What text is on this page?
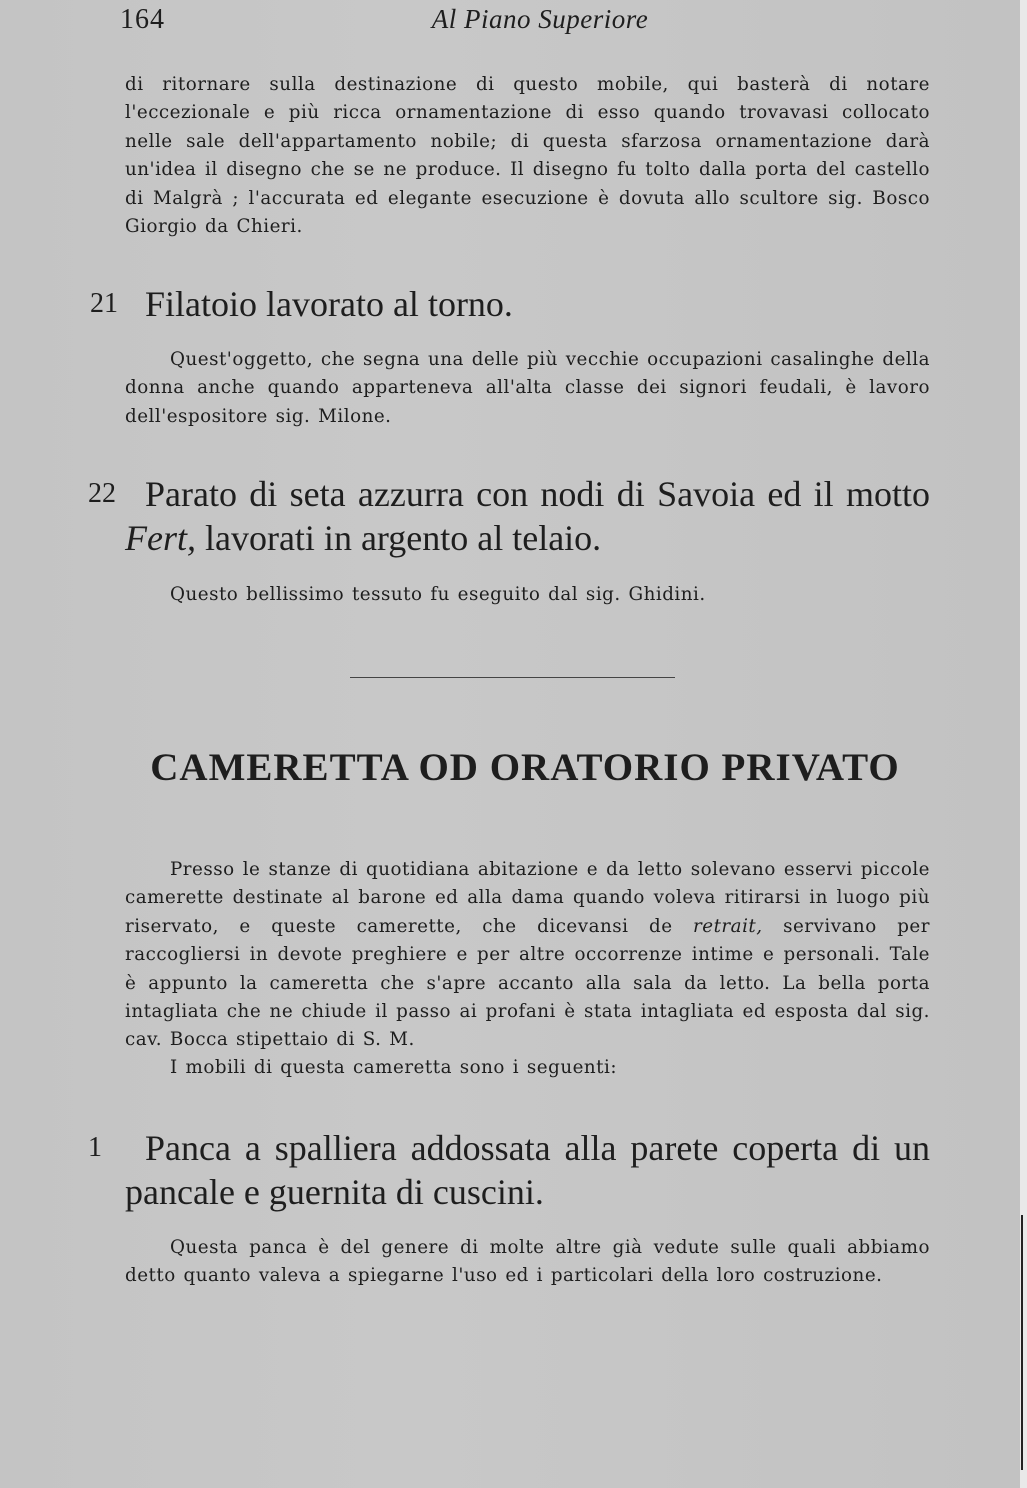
164	Al Piano Superiore

di ritornare sulla destinazione di questo mobile, qui basterà di notare l'eccezionale e più ricca ornamentazione di esso quando trovavasi collocato nelle sale dell'appartamento nobile; di questa sfarzosa ornamentazione darà un'idea il disegno che se ne produce. Il disegno fu tolto dalla porta del castello di Malgrà ; l'accurata ed elegante esecuzione è dovuta allo scultore sig. Bosco Giorgio da Chieri.

21 Filatoio lavorato al torno.

Quest'oggetto, che segna una delle più vecchie occupazioni casalinghe della donna anche quando apparteneva all'alta classe dei signori feudali, è lavoro dell'espositore sig. Milone.

22 Parato di seta azzurra con nodi di Savoia ed il motto Fert, lavorati in argento al telaio.

Questo bellissimo tessuto fu eseguito dal sig. Ghidini.

CAMERETTA OD ORATORIO PRIVATO

Presso le stanze di quotidiana abitazione e da letto solevano esservi piccole camerette destinate al barone ed alla dama quando voleva ritirarsi in luogo più riservato, e queste camerette, che dicevansi de retrait, servivano per raccogliersi in devote preghiere e per altre occorrenze intime e personali. Tale è appunto la cameretta che s'apre accanto alla sala da letto. La bella porta intagliata che ne chiude il passo ai profani è stata intagliata ed esposta dal sig. cav. Bocca stipettaio di S. M.

I mobili di questa cameretta sono i seguenti:

1	Panca a spalliera addossata alla parete coperta di un pancale e guernita di cuscini.

Questa panca è del genere di molte altre già vedute sulle quali abbiamo detto quanto valeva a spiegarne l'uso ed i particolari della loro costruzione.
